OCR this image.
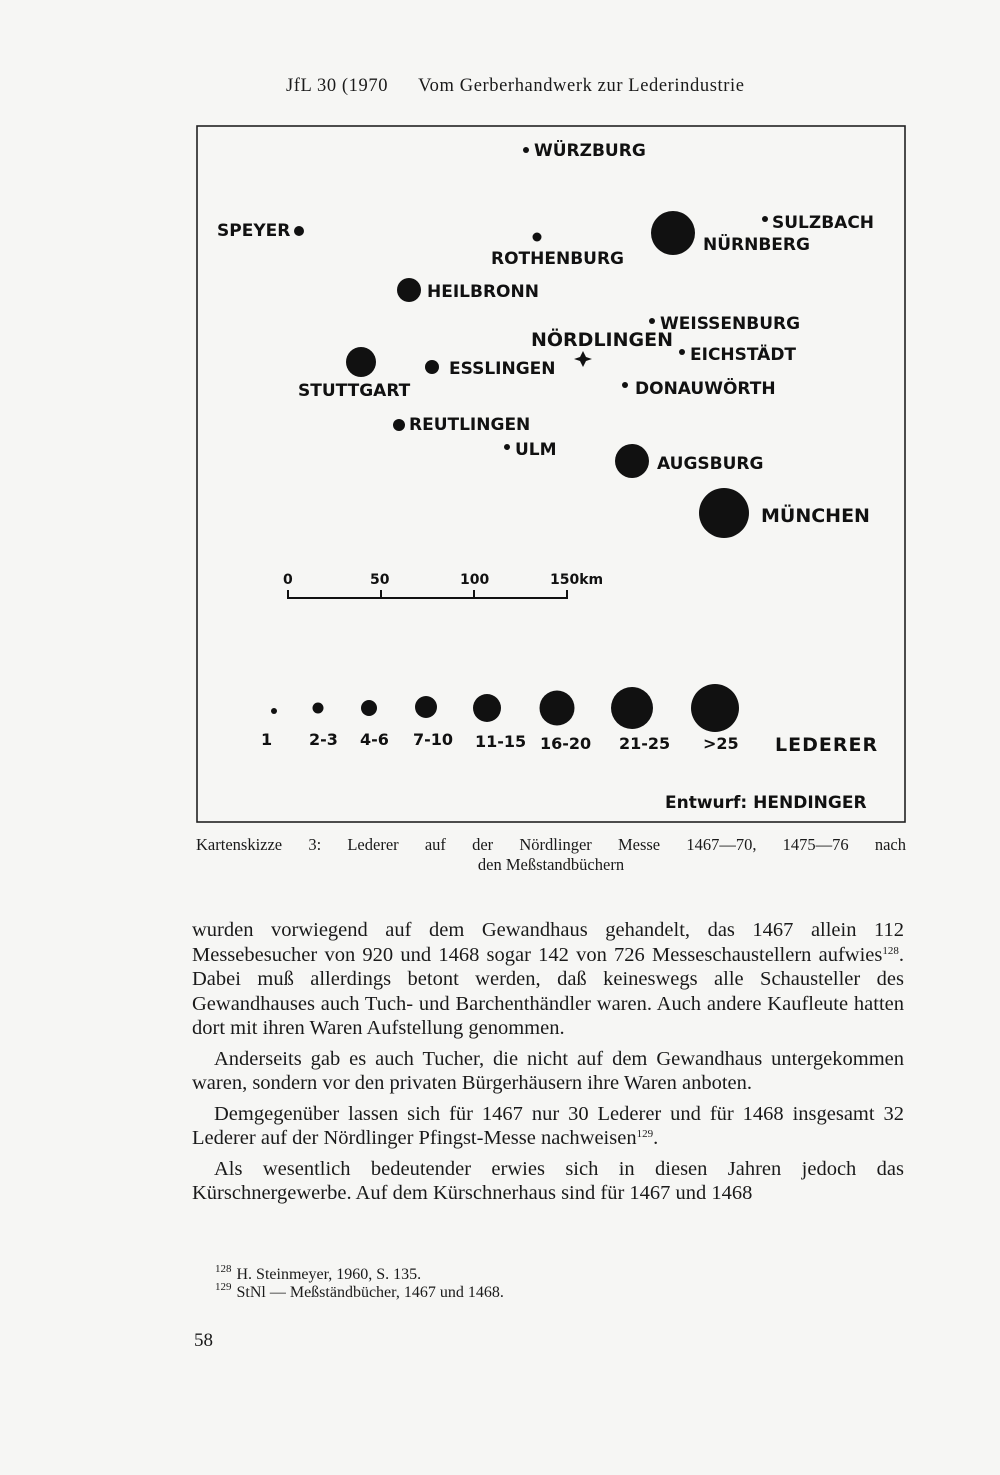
JfL 30 (1970 Vom Gerberhandwerk zur Lederindustrie
WÜRZBURG
SPEYER
ROTHENBURG
SULZBACH
NÜRNBERG
HEILBRONN
WEISSENBURG
NÖRDLINGEN
EICHSTÄDT
STUTTGART
ESSLINGEN
DONAUWÖRTH
REUTLINGEN
ULM
AUGSBURG
MÜNCHEN
0	50	100	150km
1 2-3 4-6 7-10 11-15 16-20 21-25 >25 LEDERER
Entwurf: HENDINGER
Kartenskizze 3: Lederer auf der Nördlinger Messe 1467—70, 1475—76 nach
den Meßstandbüchern

wurden vorwiegend auf dem Gewandhaus gehandelt, das 1467 allein 112 Messebesucher von 920 und 1468 sogar 142 von 726 Messeschaustellern aufwies$^{128}$. Dabei muß allerdings betont werden, daß keineswegs alle Schausteller des Gewandhauses auch Tuch- und Barchenthändler waren. Auch andere Kaufleute hatten dort mit ihren Waren Aufstellung genommen.

Anderseits gab es auch Tucher, die nicht auf dem Gewandhaus untergekommen waren, sondern vor den privaten Bürgerhäusern ihre Waren anboten.

Demgegenüber lassen sich für 1467 nur 30 Lederer und für 1468 insgesamt 32 Lederer auf der Nördlinger Pfingst-Messe nachweisen$^{129}$.

Als wesentlich bedeutender erwies sich in diesen Jahren jedoch das Kürschnergewerbe. Auf dem Kürschnerhaus sind für 1467 und 1468

$^{128}$ H. Steinmeyer, 1960, S. 135.
$^{129}$ StNl — Meßständbücher, 1467 und 1468.
58
